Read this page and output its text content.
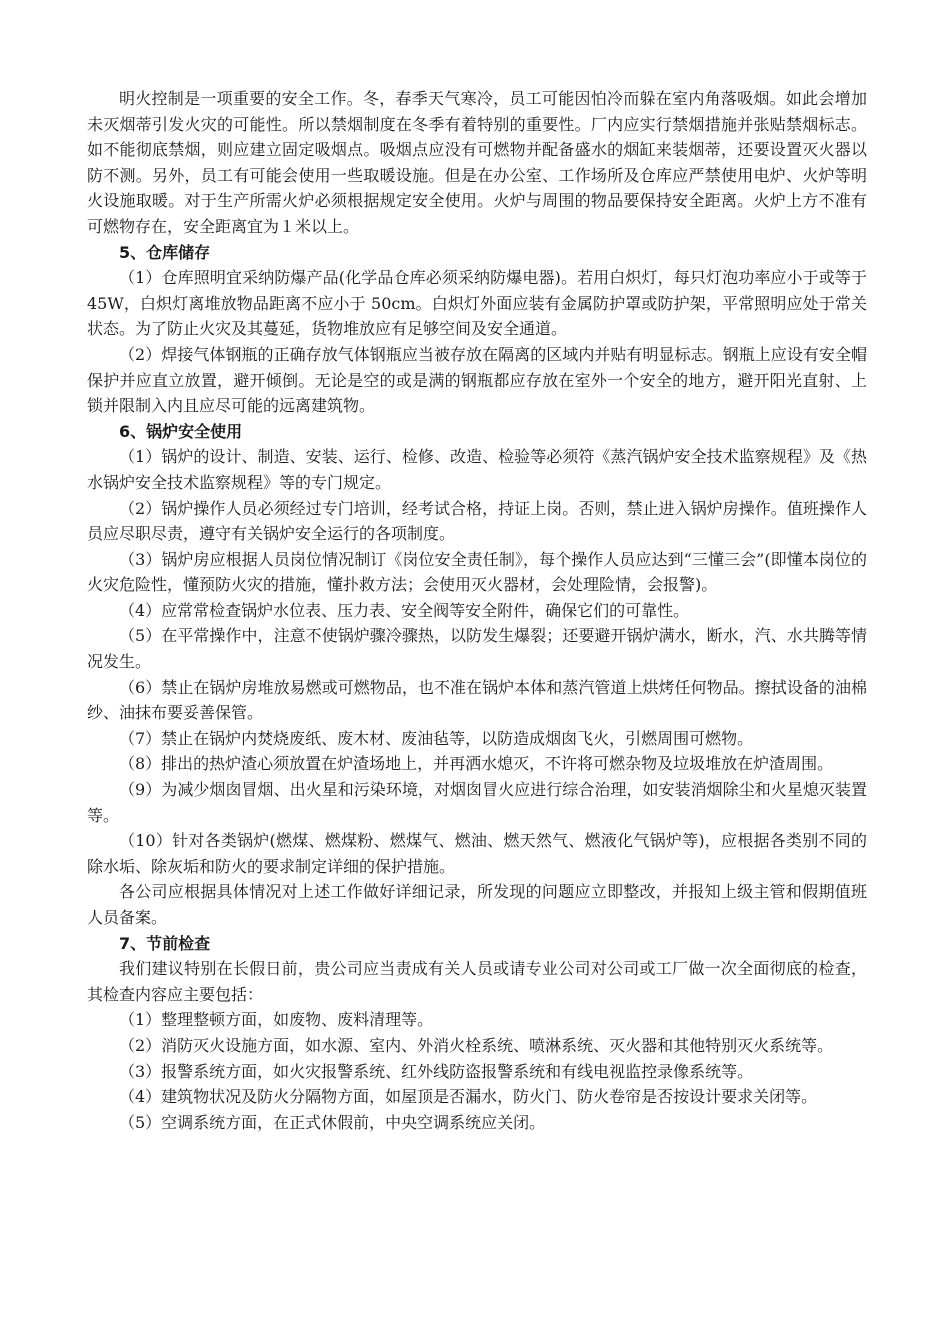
明火控制是一项重要的安全工作。冬，春季天气寒冷，员工可能因怕冷而躲在室内角落吸烟。如此会增加未灭烟蒂引发火灾的可能性。所以禁烟制度在冬季有着特别的重要性。厂内应实行禁烟措施并张贴禁烟标志。如不能彻底禁烟，则应建立固定吸烟点。吸烟点应没有可燃物并配备盛水的烟缸来装烟蒂，还要设置灭火器以防不测。另外，员工有可能会使用一些取暖设施。但是在办公室、工作场所及仓库应严禁使用电炉、火炉等明火设施取暖。对于生产所需火炉必须根据规定安全使用。火炉与周围的物品要保持安全距离。火炉上方不准有可燃物存在，安全距离宜为１米以上。

5、仓库储存

（1）仓库照明宜采纳防爆产品(化学品仓库必须采纳防爆电器)。若用白炽灯，每只灯泡功率应小于或等于 45W，白炽灯离堆放物品距离不应小于 50cm。白炽灯外面应装有金属防护罩或防护架，平常照明应处于常关状态。为了防止火灾及其蔓延，货物堆放应有足够空间及安全通道。

（2）焊接气体钢瓶的正确存放气体钢瓶应当被存放在隔离的区域内并贴有明显标志。钢瓶上应设有安全帽保护并应直立放置，避开倾倒。无论是空的或是满的钢瓶都应存放在室外一个安全的地方，避开阳光直射、上锁并限制入内且应尽可能的远离建筑物。

6、锅炉安全使用

（1）锅炉的设计、制造、安装、运行、检修、改造、检验等必须符《蒸汽锅炉安全技术监察规程》及《热水锅炉安全技术监察规程》等的专门规定。

（2）锅炉操作人员必须经过专门培训，经考试合格，持证上岗。否则，禁止进入锅炉房操作。值班操作人员应尽职尽责，遵守有关锅炉安全运行的各项制度。

（3）锅炉房应根据人员岗位情况制订《岗位安全责任制》，每个操作人员应达到“三懂三会”(即懂本岗位的火灾危险性，懂预防火灾的措施，懂扑救方法；会使用灭火器材，会处理险情，会报警)。

（4）应常常检查锅炉水位表、压力表、安全阀等安全附件，确保它们的可靠性。

（5）在平常操作中，注意不使锅炉骤冷骤热，以防发生爆裂；还要避开锅炉满水，断水，汽、水共腾等情况发生。

（6）禁止在锅炉房堆放易燃或可燃物品，也不准在锅炉本体和蒸汽管道上烘烤任何物品。擦拭设备的油棉纱、油抹布要妥善保管。

（7）禁止在锅炉内焚烧废纸、废木材、废油毡等，以防造成烟囱飞火，引燃周围可燃物。

（8）排出的热炉渣心须放置在炉渣场地上，并再洒水熄灭，不许将可燃杂物及垃圾堆放在炉渣周围。

（9）为减少烟囱冒烟、出火星和污染环境，对烟囱冒火应进行综合治理，如安装消烟除尘和火星熄灭装置等。

（10）针对各类锅炉(燃煤、燃煤粉、燃煤气、燃油、燃天然气、燃液化气锅炉等)，应根据各类别不同的除水垢、除灰垢和防火的要求制定详细的保护措施。

各公司应根据具体情况对上述工作做好详细记录，所发现的问题应立即整改，并报知上级主管和假期值班人员备案。

7、节前检查

我们建议特别在长假日前，贵公司应当责成有关人员或请专业公司对公司或工厂做一次全面彻底的检查，其检查内容应主要包括：

（1）整理整顿方面，如废物、废料清理等。

（2）消防灭火设施方面，如水源、室内、外消火栓系统、喷淋系统、灭火器和其他特别灭火系统等。

（3）报警系统方面，如火灾报警系统、红外线防盗报警系统和有线电视监控录像系统等。

（4）建筑物状况及防火分隔物方面，如屋顶是否漏水，防火门、防火卷帘是否按设计要求关闭等。

（5）空调系统方面，在正式休假前，中央空调系统应关闭。
